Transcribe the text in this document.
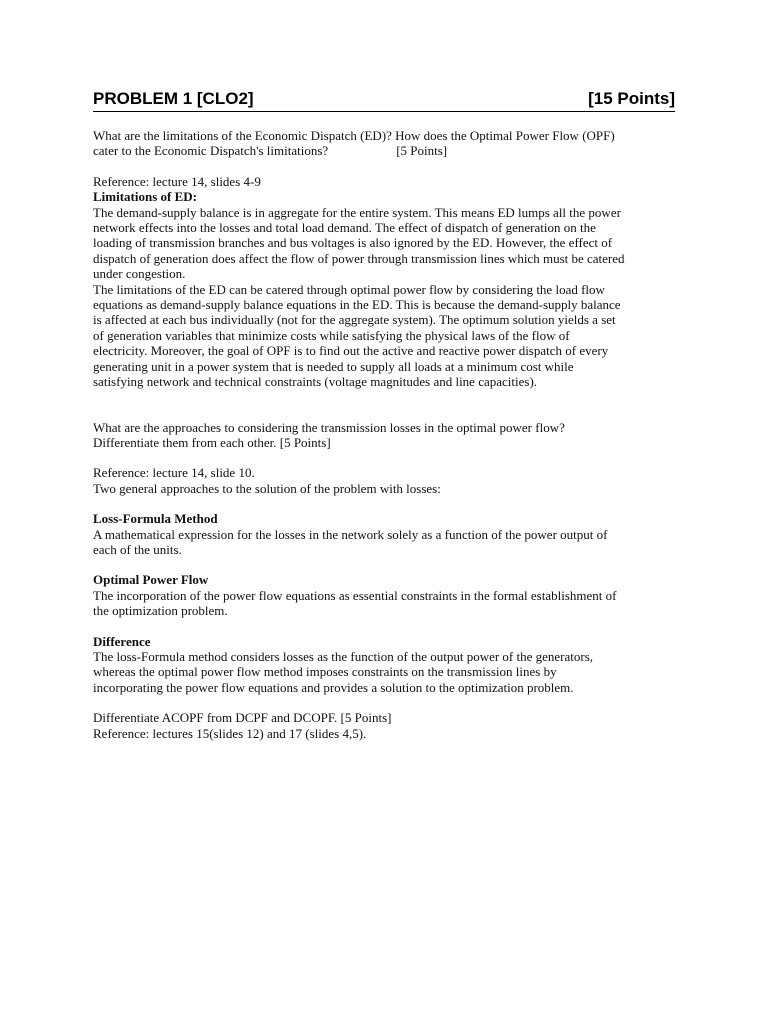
PROBLEM 1 [CLO2]	[15 Points]

What are the limitations of the Economic Dispatch (ED)? How does the Optimal Power Flow (OPF)

cater to the Economic Dispatch's limitations?	[5 Points]

Reference: lecture 14, slides 4-9

Limitations of ED:

The demand-supply balance is in aggregate for the entire system. This means ED lumps all the power

network effects into the losses and total load demand. The effect of dispatch of generation on the

loading of transmission branches and bus voltages is also ignored by the ED. However, the effect of

dispatch of generation does affect the flow of power through transmission lines which must be catered

under congestion.

The limitations of the ED can be catered through optimal power flow by considering the load flow

equations as demand-supply balance equations in the ED. This is because the demand-supply balance

is affected at each bus individually (not for the aggregate system). The optimum solution yields a set

of generation variables that minimize costs while satisfying the physical laws of the flow of

electricity. Moreover, the goal of OPF is to find out the active and reactive power dispatch of every

generating unit in a power system that is needed to supply all loads at a minimum cost while

satisfying network and technical constraints (voltage magnitudes and line capacities).

What are the approaches to considering the transmission losses in the optimal power flow?

Differentiate them from each other. [5 Points]

Reference: lecture 14, slide 10.

Two general approaches to the solution of the problem with losses:

Loss-Formula Method

A mathematical expression for the losses in the network solely as a function of the power output of

each of the units.

Optimal Power Flow

The incorporation of the power flow equations as essential constraints in the formal establishment of

the optimization problem.

Difference

The loss-Formula method considers losses as the function of the output power of the generators,

whereas the optimal power flow method imposes constraints on the transmission lines by

incorporating the power flow equations and provides a solution to the optimization problem.

Differentiate ACOPF from DCPF and DCOPF. [5 Points]

Reference: lectures 15(slides 12) and 17 (slides 4,5).
